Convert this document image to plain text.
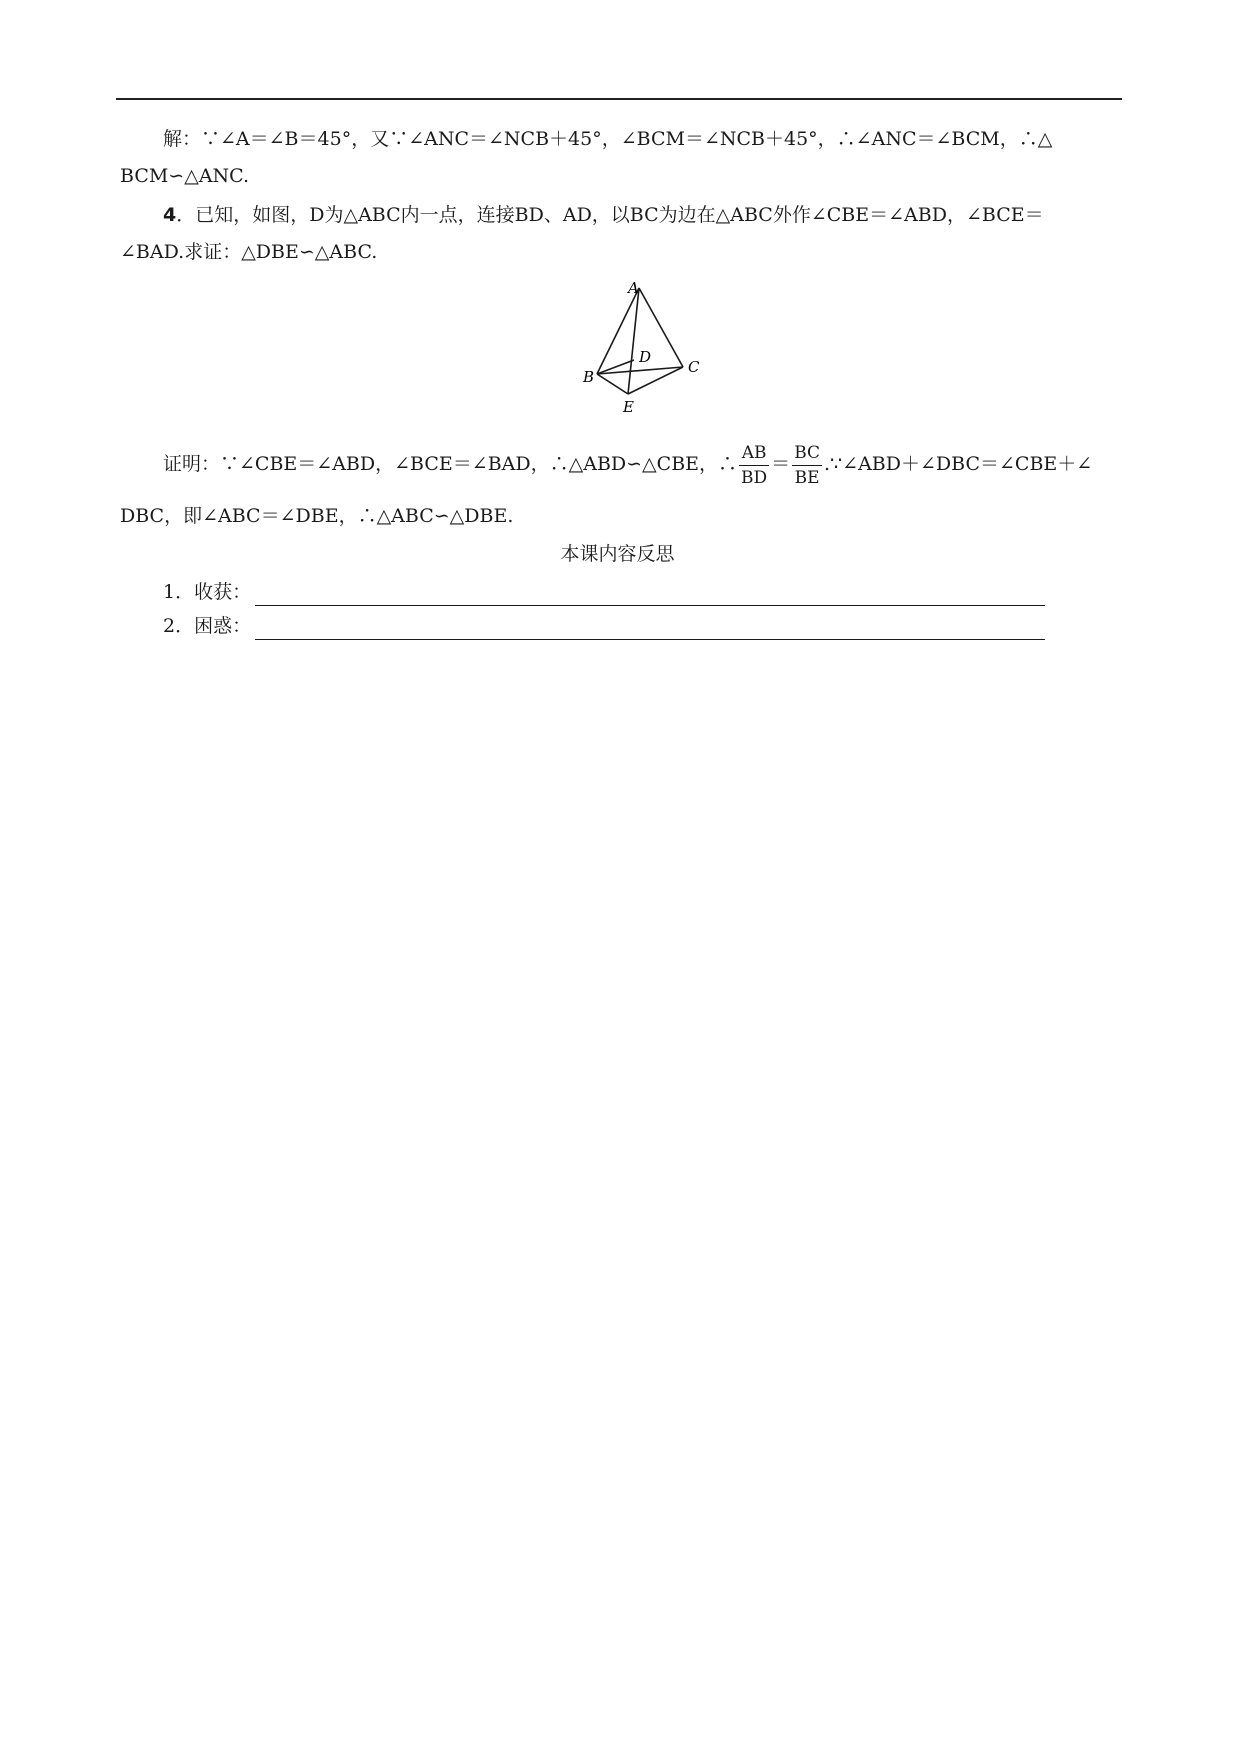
解：∵∠A＝∠B＝45°，又∵∠ANC＝∠NCB＋45°，∠BCM＝∠NCB＋45°，∴∠ANC＝∠BCM，∴△
BCM∽△ANC.
4．已知，如图，D为△ABC内一点，连接BD、AD，以BC为边在△ABC外作∠CBE＝∠ABD，∠BCE＝
∠BAD.求证：△DBE∽△ABC.
A
B
C
D
E
证明：∵∠CBE＝∠ABD，∠BCE＝∠BAD，∴△ABD∽△CBE，∴ $\frac{AB}{BD} = \frac{BC}{BE}$ .∵∠ABD＋∠DBC＝∠CBE＋∠
DBC，即∠ABC＝∠DBE，∴△ABC∽△DBE.
本课内容反思
1．收获：
2．困惑：
